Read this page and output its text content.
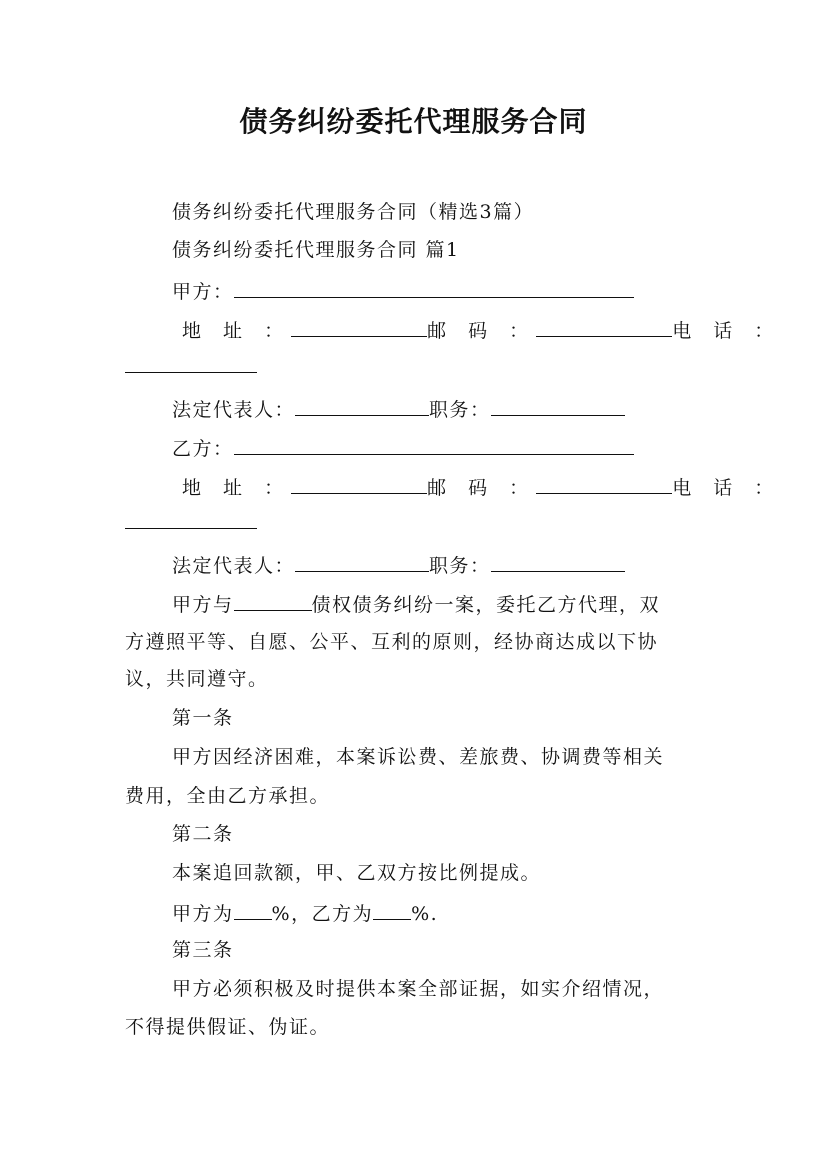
债务纠纷委托代理服务合同
债务纠纷委托代理服务合同（精选3篇）
债务纠纷委托代理服务合同 篇1
甲方：
地 址 ：	邮 码 ：	电 话 ：
法定代表人：	职务：
乙方：
地 址 ：	邮 码 ：	电 话 ：
法定代表人：	职务：
甲方与	债权债务纠纷一案，委托乙方代理，双
方遵照平等、自愿、公平、互利的原则，经协商达成以下协
议，共同遵守。
第一条
甲方因经济困难，本案诉讼费、差旅费、协调费等相关
费用，全由乙方承担。
第二条
本案追回款额，甲、乙双方按比例提成。
甲方为 %，乙方为 %.
第三条
甲方必须积极及时提供本案全部证据，如实介绍情况，
不得提供假证、伪证。
